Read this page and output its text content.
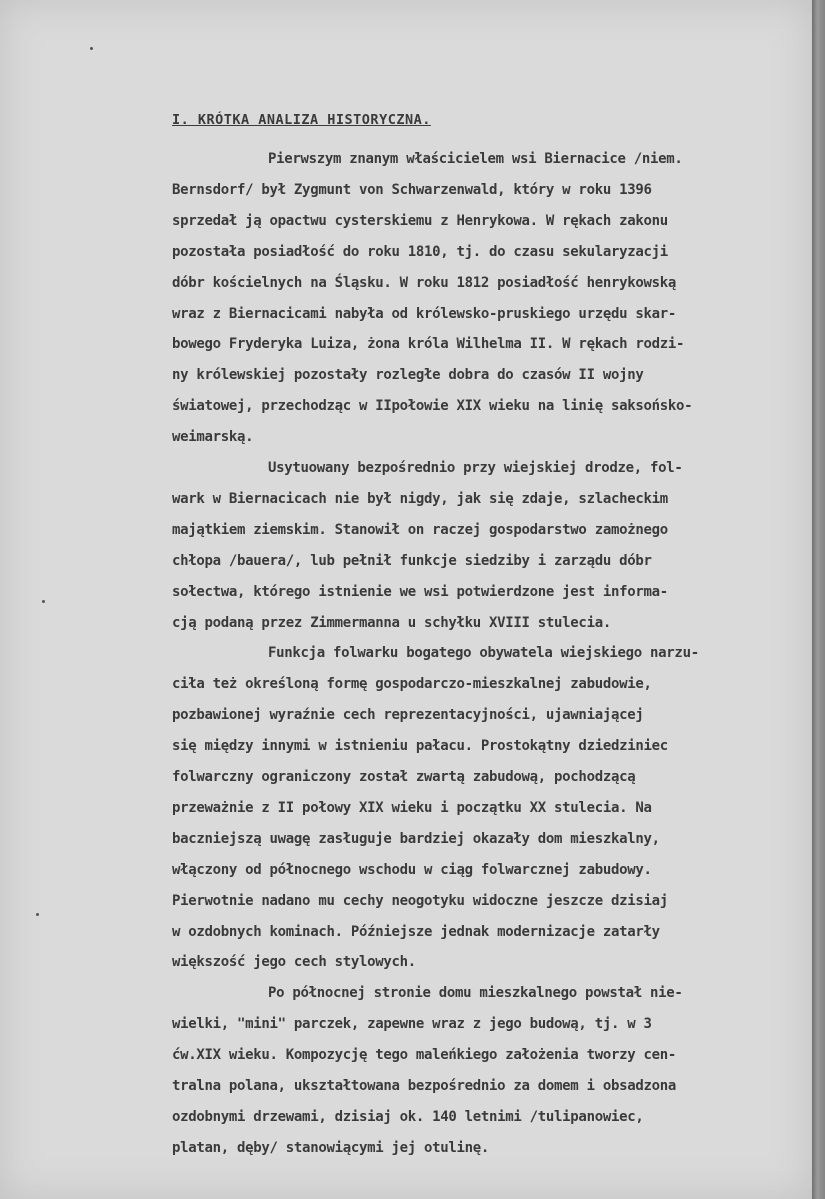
I. KRÓTKA ANALIZA HISTORYCZNA.
Pierwszym znanym właścicielem wsi Biernacice /niem.
Bernsdorf/ był Zygmunt von Schwarzenwald, który w roku 1396
sprzedał ją opactwu cysterskiemu z Henrykowa. W rękach zakonu
pozostała posiadłość do roku 1810, tj. do czasu sekularyzacji
dóbr kościelnych na Śląsku. W roku 1812 posiadłość henrykowską
wraz z Biernacicami nabyła od królewsko-pruskiego urzędu skar-
bowego Fryderyka Luiza, żona króla Wilhelma II. W rękach rodzi-
ny królewskiej pozostały rozległe dobra do czasów II wojny
światowej, przechodząc w IIpołowie XIX wieku na linię saksońsko-
weimarską.
Usytuowany bezpośrednio przy wiejskiej drodze, fol-
wark w Biernacicach nie był nigdy, jak się zdaje, szlacheckim
majątkiem ziemskim. Stanowił on raczej gospodarstwo zamożnego
chłopa /bauera/, lub pełnił funkcje siedziby i zarządu dóbr
sołectwa, którego istnienie we wsi potwierdzone jest informa-
cją podaną przez Zimmermanna u schyłku XVIII stulecia.
Funkcja folwarku bogatego obywatela wiejskiego narzu-
ciła też określoną formę gospodarczo-mieszkalnej zabudowie,
pozbawionej wyraźnie cech reprezentacyjności, ujawniającej
się między innymi w istnieniu pałacu. Prostokątny dziedziniec
folwarczny ograniczony został zwartą zabudową, pochodzącą
przeważnie z II połowy XIX wieku i początku XX stulecia. Na
baczniejszą uwagę zasługuje bardziej okazały dom mieszkalny,
włączony od północnego wschodu w ciąg folwarcznej zabudowy.
Pierwotnie nadano mu cechy neogotyku widoczne jeszcze dzisiaj
w ozdobnych kominach. Późniejsze jednak modernizacje zatarły
większość jego cech stylowych.
Po północnej stronie domu mieszkalnego powstał nie-
wielki, "mini" parczek, zapewne wraz z jego budową, tj. w 3
ćw.XIX wieku. Kompozycję tego maleńkiego założenia tworzy cen-
tralna polana, ukształtowana bezpośrednio za domem i obsadzona
ozdobnymi drzewami, dzisiaj ok. 140 letnimi /tulipanowiec,
platan, dęby/ stanowiącymi jej otulinę.
